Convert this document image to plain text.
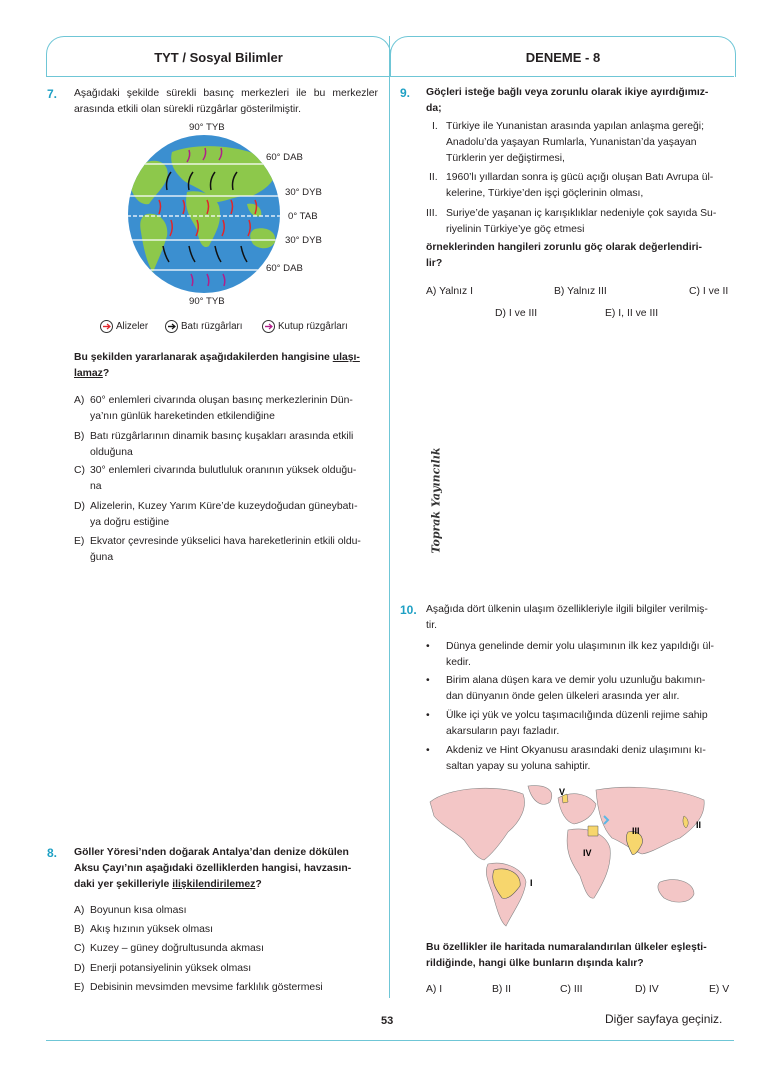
TYT / Sosyal Bilimler	DENEME - 8
7. Aşağıdaki şekilde sürekli basınç merkezleri ile bu merkezler arasında etkili olan sürekli rüzgârlar gösterilmiştir.
90° TYB
60° DAB
30° DYB
0° TAB
30° DYB
60° DAB
90° TYB
Alizeler	Batı rüzgârları	Kutup rüzgârları
Bu şekilden yararlanarak aşağıdakilerden hangisine ulaşı-
lamaz?
A) 60° enlemleri civarında oluşan basınç merkezlerinin Dün-
ya’nın günlük hareketinden etkilendiğine
B) Batı rüzgârlarının dinamik basınç kuşakları arasında etkili
olduğuna
C) 30° enlemleri civarında bulutluluk oranının yüksek olduğu-
na
D) Alizelerin, Kuzey Yarım Küre’de kuzeydoğudan güneybatı-
ya doğru estiğine
E) Ekvator çevresinde yükselici hava hareketlerinin etkili oldu-
ğuna
Toprak Yayıncılık
8. Göller Yöresi’nden doğarak Antalya’dan denize dökülen
Aksu Çayı’nın aşağıdaki özelliklerden hangisi, havzasın-
daki yer şekilleriyle ilişkilendirilemez?
A) Boyunun kısa olması
B) Akış hızının yüksek olması
C) Kuzey – güney doğrultusunda akması
D) Enerji potansiyelinin yüksek olması
E) Debisinin mevsimden mevsime farklılık göstermesi
9. Göçleri isteğe bağlı veya zorunlu olarak ikiye ayırdığımız-
da;
I. Türkiye ile Yunanistan arasında yapılan anlaşma gereği;
Anadolu’da yaşayan Rumlarla, Yunanistan’da yaşayan
Türklerin yer değiştirmesi,
II. 1960’lı yıllardan sonra iş gücü açığı oluşan Batı Avrupa ül-
kelerine, Türkiye’den işçi göçlerinin olması,
III. Suriye’de yaşanan iç karışıklıklar nedeniyle çok sayıda Su-
riyelinin Türkiye’ye göç etmesi
örneklerinden hangileri zorunlu göç olarak değerlendiri-
lir?
A) Yalnız I	B) Yalnız III	C) I ve II
D) I ve III	E) I, II ve III
10. Aşağıda dört ülkenin ulaşım özellikleriyle ilgili bilgiler verilmiş-
tir.
• Dünya genelinde demir yolu ulaşımının ilk kez yapıldığı ül-
kedir.
• Birim alana düşen kara ve demir yolu uzunluğu bakımın-
dan dünyanın önde gelen ülkeleri arasında yer alır.
• Ülke içi yük ve yolcu taşımacılığında düzenli rejime sahip
akarsuların payı fazladır.
• Akdeniz ve Hint Okyanusu arasındaki deniz ulaşımını kı-
saltan yapay su yoluna sahiptir.
V
III
II
IV
I
Bu özellikler ile haritada numaralandırılan ülkeler eşleşti-
rildiğinde, hangi ülke bunların dışında kalır?
A) I	B) II	C) III	D) IV	E) V
53	Diğer sayfaya geçiniz.
